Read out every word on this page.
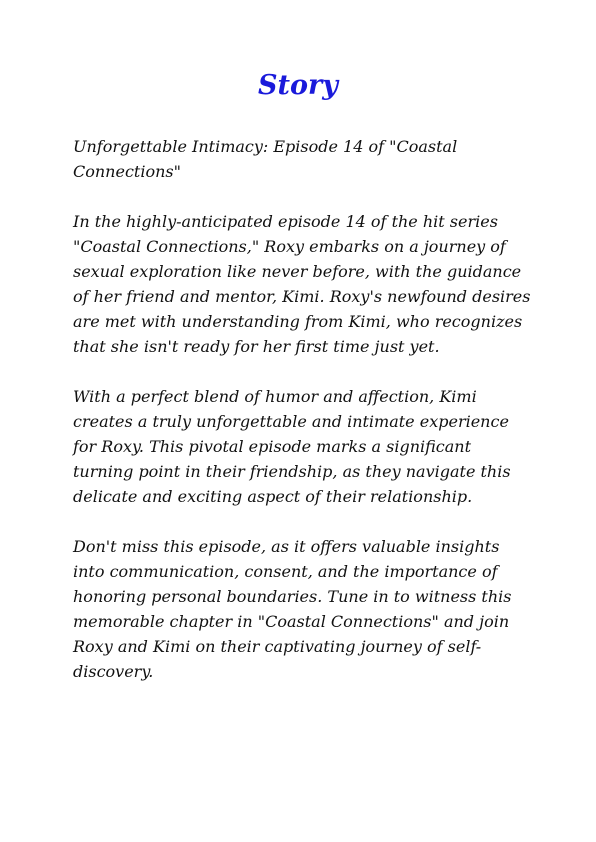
Story

Unforgettable Intimacy: Episode 14 of "Coastal Connections"

In the highly-anticipated episode 14 of the hit series "Coastal Connections," Roxy embarks on a journey of sexual exploration like never before, with the guidance of her friend and mentor, Kimi. Roxy's newfound desires are met with understanding from Kimi, who recognizes that she isn't ready for her first time just yet.

With a perfect blend of humor and affection, Kimi creates a truly unforgettable and intimate experience for Roxy. This pivotal episode marks a significant turning point in their friendship, as they navigate this delicate and exciting aspect of their relationship.

Don't miss this episode, as it offers valuable insights into communication, consent, and the importance of honoring personal boundaries. Tune in to witness this memorable chapter in "Coastal Connections" and join Roxy and Kimi on their captivating journey of self-discovery.
